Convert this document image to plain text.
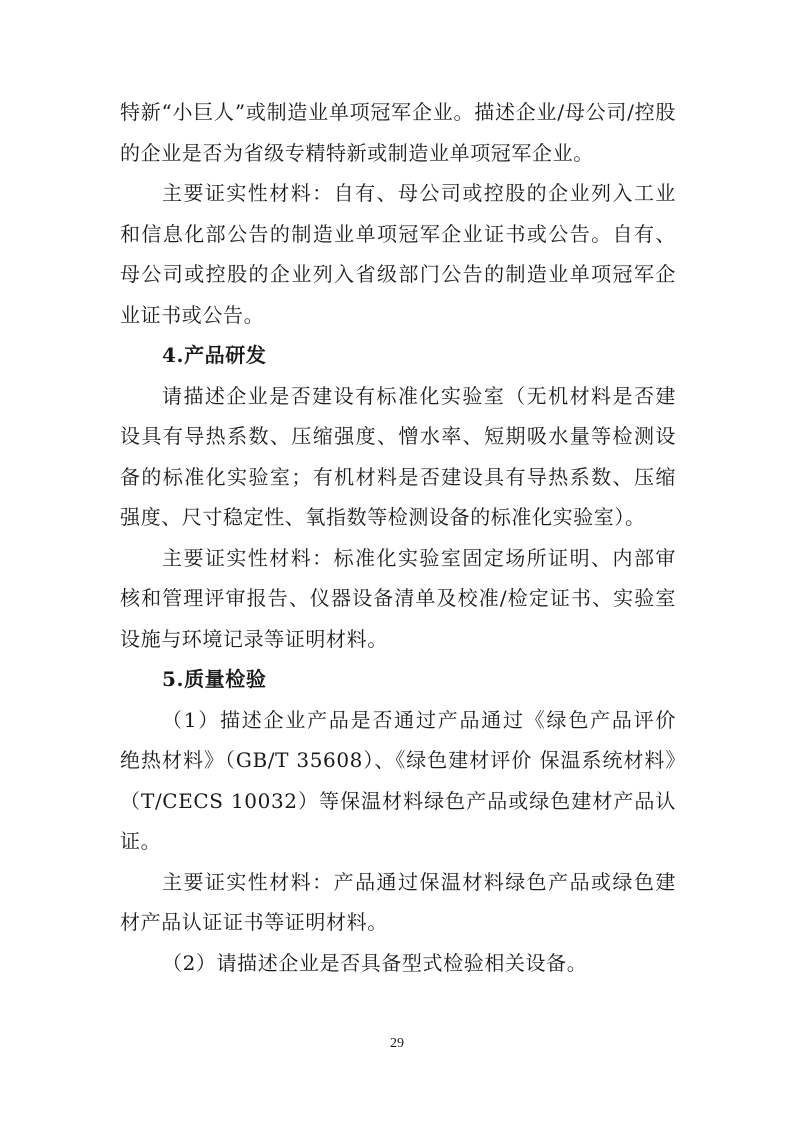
特新“小巨人”或制造业单项冠军企业。描述企业/母公司/控股的企业是否为省级专精特新或制造业单项冠军企业。

主要证实性材料：自有、母公司或控股的企业列入工业和信息化部公告的制造业单项冠军企业证书或公告。自有、母公司或控股的企业列入省级部门公告的制造业单项冠军企业证书或公告。

4.产品研发

请描述企业是否建设有标准化实验室（无机材料是否建设具有导热系数、压缩强度、憎水率、短期吸水量等检测设备的标准化实验室；有机材料是否建设具有导热系数、压缩强度、尺寸稳定性、氧指数等检测设备的标准化实验室）。

主要证实性材料：标准化实验室固定场所证明、内部审核和管理评审报告、仪器设备清单及校准/检定证书、实验室设施与环境记录等证明材料。

5.质量检验

（1）描述企业产品是否通过产品通过《绿色产品评价 绝热材料》（GB/T 35608）、《绿色建材评价 保温系统材料》（T/CECS 10032）等保温材料绿色产品或绿色建材产品认证。

主要证实性材料：产品通过保温材料绿色产品或绿色建材产品认证证书等证明材料。

（2）请描述企业是否具备型式检验相关设备。

29
